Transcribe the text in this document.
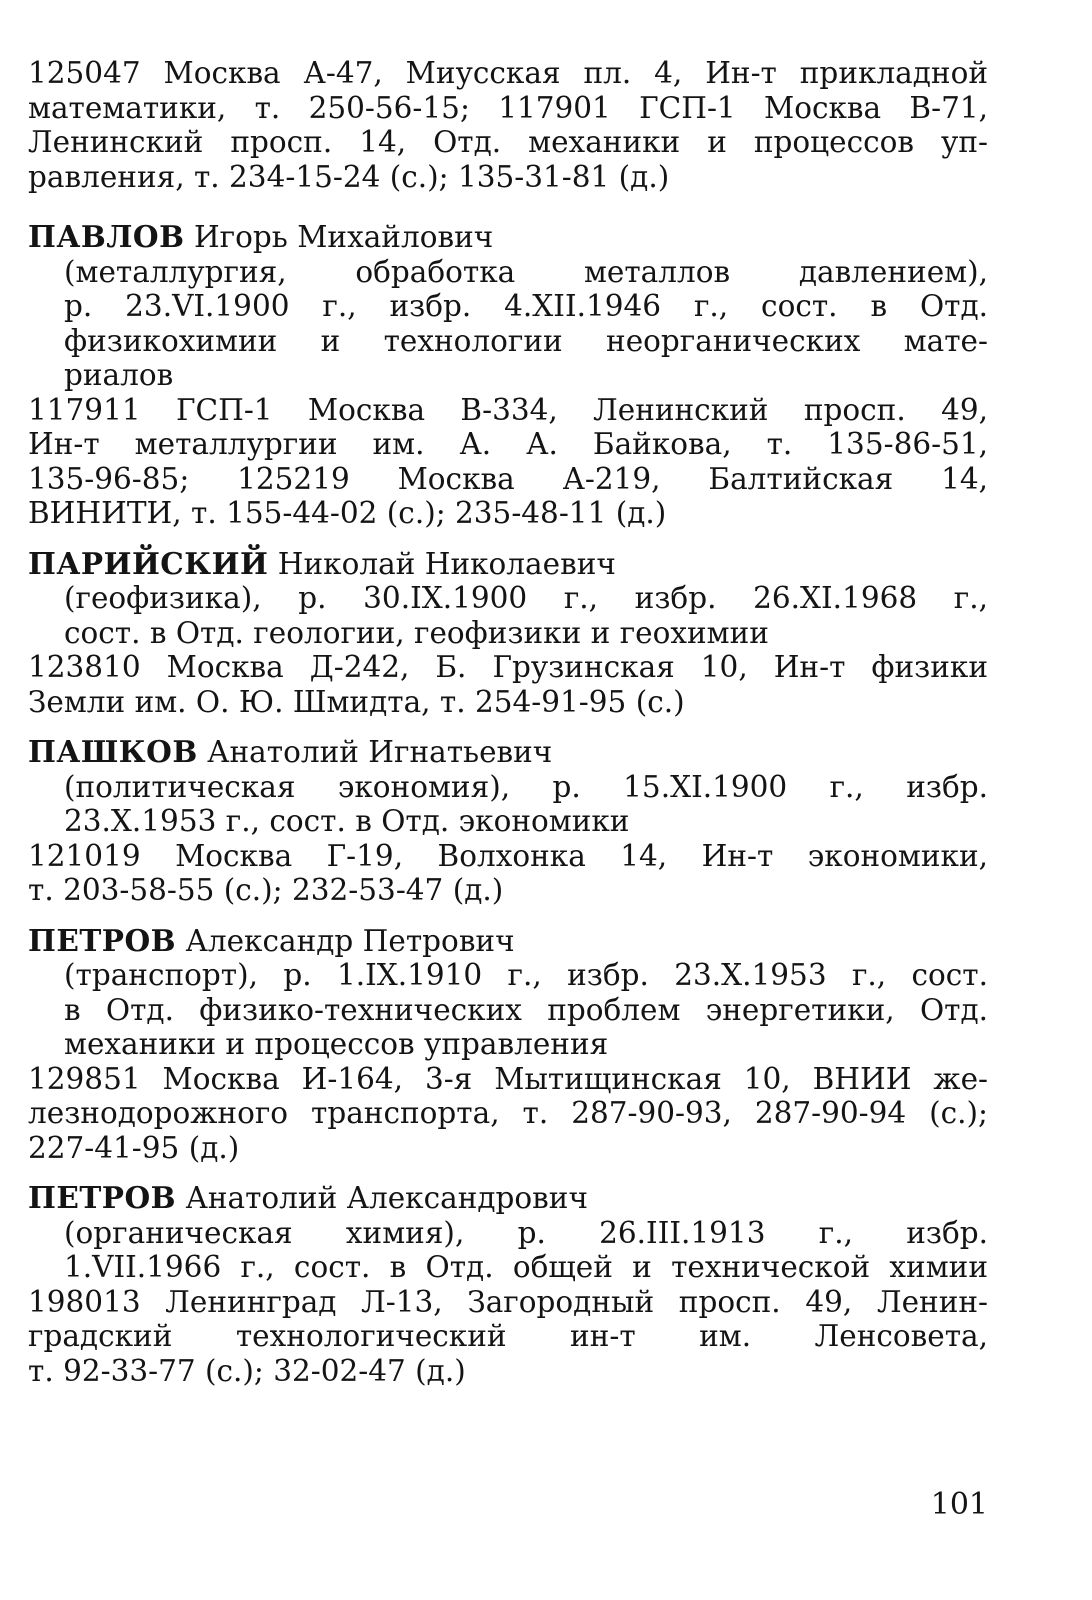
125047 Москва А-47, Миусская пл. 4, Ин-т прикладной
математики, т. 250-56-15; 117901 ГСП-1 Москва В-71,
Ленинский просп. 14, Отд. механики и процессов уп-
равления, т. 234-15-24 (с.); 135-31-81 (д.)
ПАВЛОВ Игорь Михайлович
(металлургия, обработка металлов давлением),
р. 23.VI.1900 г., избр. 4.XII.1946 г., сост. в Отд.
физикохимии и технологии неорганических мате-
риалов
117911 ГСП-1 Москва В-334, Ленинский просп. 49,
Ин-т металлургии им. А. А. Байкова, т. 135-86-51,
135-96-85; 125219 Москва А-219, Балтийская 14,
ВИНИТИ, т. 155-44-02 (с.); 235-48-11 (д.)
ПАРИЙСКИЙ Николай Николаевич
(геофизика), р. 30.IX.1900 г., избр. 26.XI.1968 г.,
сост. в Отд. геологии, геофизики и геохимии
123810 Москва Д-242, Б. Грузинская 10, Ин-т физики
Земли им. О. Ю. Шмидта, т. 254-91-95 (с.)
ПАШКОВ Анатолий Игнатьевич
(политическая экономия), р. 15.XI.1900 г., избр.
23.X.1953 г., сост. в Отд. экономики
121019 Москва Г-19, Волхонка 14, Ин-т экономики,
т. 203-58-55 (с.); 232-53-47 (д.)
ПЕТРОВ Александр Петрович
(транспорт), р. 1.IX.1910 г., избр. 23.X.1953 г., сост.
в Отд. физико-технических проблем энергетики, Отд.
механики и процессов управления
129851 Москва И-164, 3-я Мытищинская 10, ВНИИ же-
лезнодорожного транспорта, т. 287-90-93, 287-90-94 (с.);
227-41-95 (д.)
ПЕТРОВ Анатолий Александрович
(органическая химия), р. 26.III.1913 г., избр.
1.VII.1966 г., сост. в Отд. общей и технической химии
198013 Ленинград Л-13, Загородный просп. 49, Ленин-
градский технологический ин-т им. Ленсовета,
т. 92-33-77 (с.); 32-02-47 (д.)
101
